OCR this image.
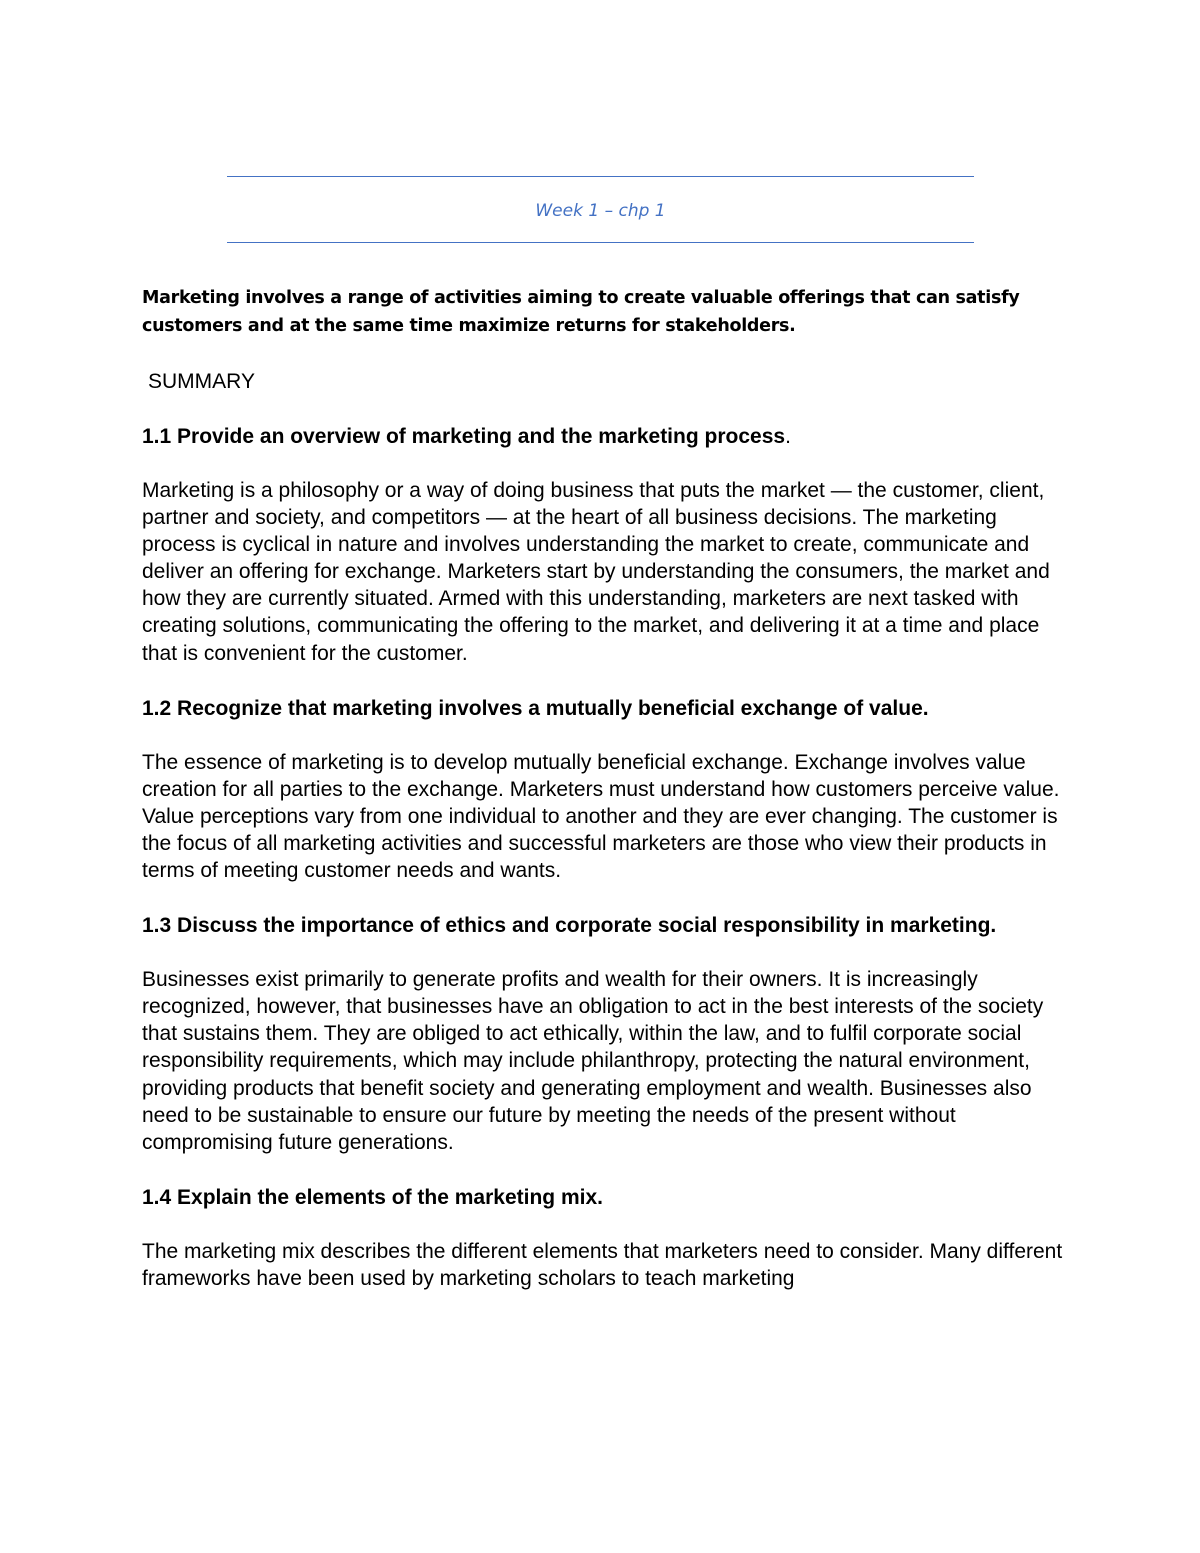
Week 1 – chp 1

Marketing involves a range of activities aiming to create valuable offerings that can satisfy customers and at the same time maximize returns for stakeholders.

SUMMARY
1.1 Provide an overview of marketing and the marketing process.

Marketing is a philosophy or a way of doing business that puts the market — the customer, client, partner and society, and competitors — at the heart of all business decisions. The marketing process is cyclical in nature and involves understanding the market to create, communicate and deliver an offering for exchange. Marketers start by understanding the consumers, the market and how they are currently situated. Armed with this understanding, marketers are next tasked with creating solutions, communicating the offering to the market, and delivering it at a time and place that is convenient for the customer.

1.2 Recognize that marketing involves a mutually beneficial exchange of value.

The essence of marketing is to develop mutually beneficial exchange. Exchange involves value creation for all parties to the exchange. Marketers must understand how customers perceive value. Value perceptions vary from one individual to another and they are ever changing. The customer is the focus of all marketing activities and successful marketers are those who view their products in terms of meeting customer needs and wants.

1.3 Discuss the importance of ethics and corporate social responsibility in marketing.

Businesses exist primarily to generate profits and wealth for their owners. It is increasingly recognized, however, that businesses have an obligation to act in the best interests of the society that sustains them. They are obliged to act ethically, within the law, and to fulfil corporate social responsibility requirements, which may include philanthropy, protecting the natural environment, providing products that benefit society and generating employment and wealth. Businesses also need to be sustainable to ensure our future by meeting the needs of the present without compromising future generations.

1.4 Explain the elements of the marketing mix.

The marketing mix describes the different elements that marketers need to consider. Many different frameworks have been used by marketing scholars to teach marketing
